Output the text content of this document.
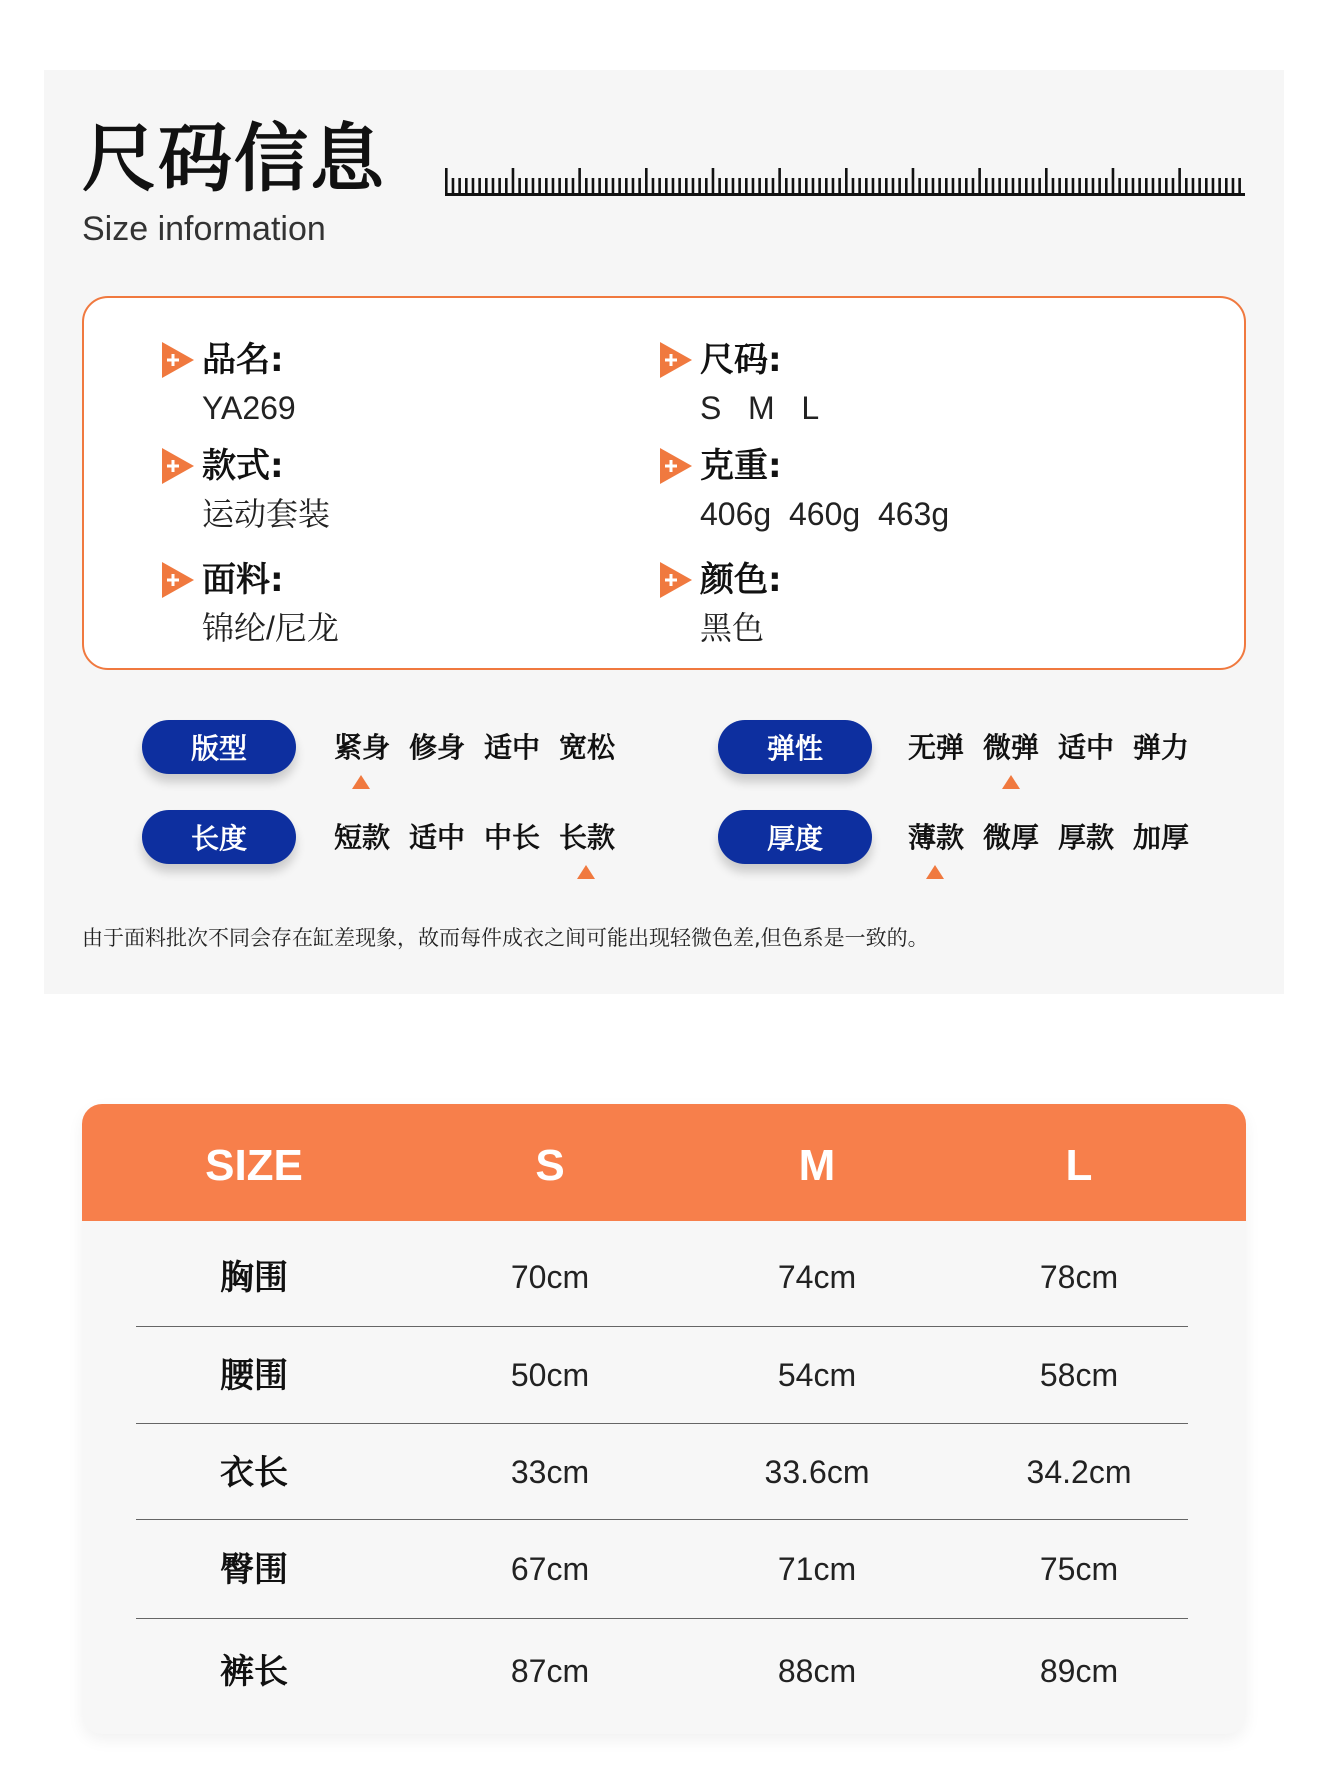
尺码信息
Size information
品名:
YA269
尺码:
S   M   L
款式:
运动套装
克重:
406g  460g  463g
面料:
锦纶/尼龙
颜色:
黑色
版型	紧身 修身 适中 宽松	弹性	无弹 微弹 适中 弹力
长度	短款 适中 中长 长款	厚度	薄款 微厚 厚款 加厚
由于面料批次不同会存在缸差现象，故而每件成衣之间可能出现轻微色差,但色系是一致的。
SIZE	S	M	L
胸围	70cm	74cm	78cm
腰围	50cm	54cm	58cm
衣长	33cm	33.6cm	34.2cm
臀围	67cm	71cm	75cm
裤长	87cm	88cm	89cm
